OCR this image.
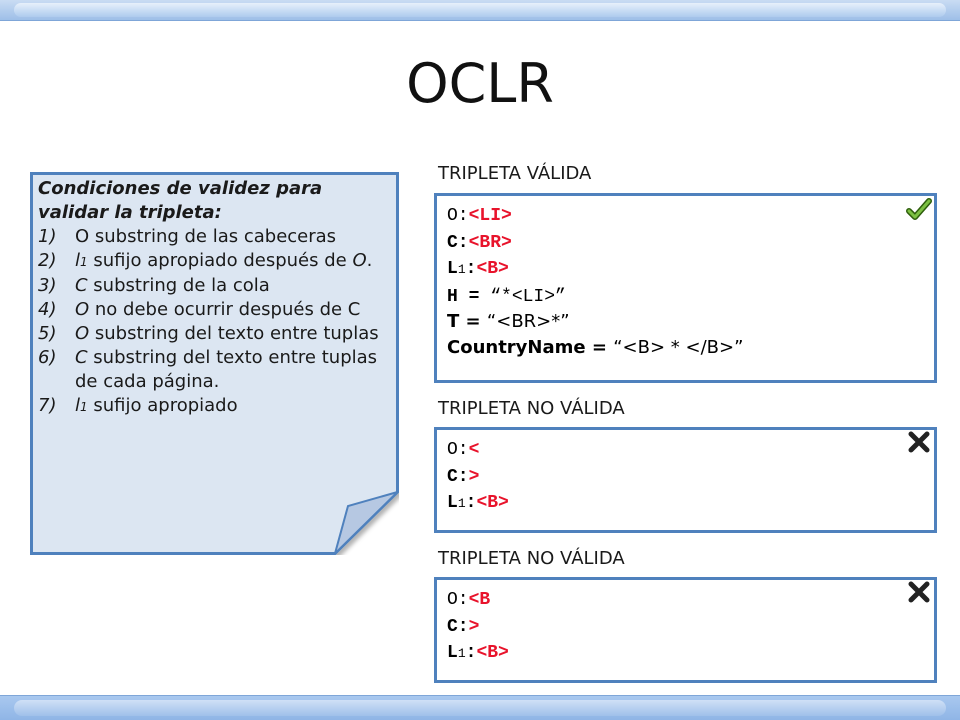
OCLR
Condiciones de validez para
validar la tripleta:
1)	O substring de las cabeceras
2)	l1 sufijo apropiado después de O.
3)	C substring de la cola
4)	O no debe ocurrir después de C
5)	O substring del texto entre tuplas
6)	C substring del texto entre tuplas de cada página.
7)	l1 sufijo apropiado
TRIPLETA VÁLIDA
O:<LI>
C:<BR>
L1:<B>
H = “*<LI>”
T = “<BR>*”
CountryName = “<B> * </B>”
TRIPLETA NO VÁLIDA
O:<
C:>
L1:<B>
TRIPLETA NO VÁLIDA
O:<B
C:>
L1:<B>
